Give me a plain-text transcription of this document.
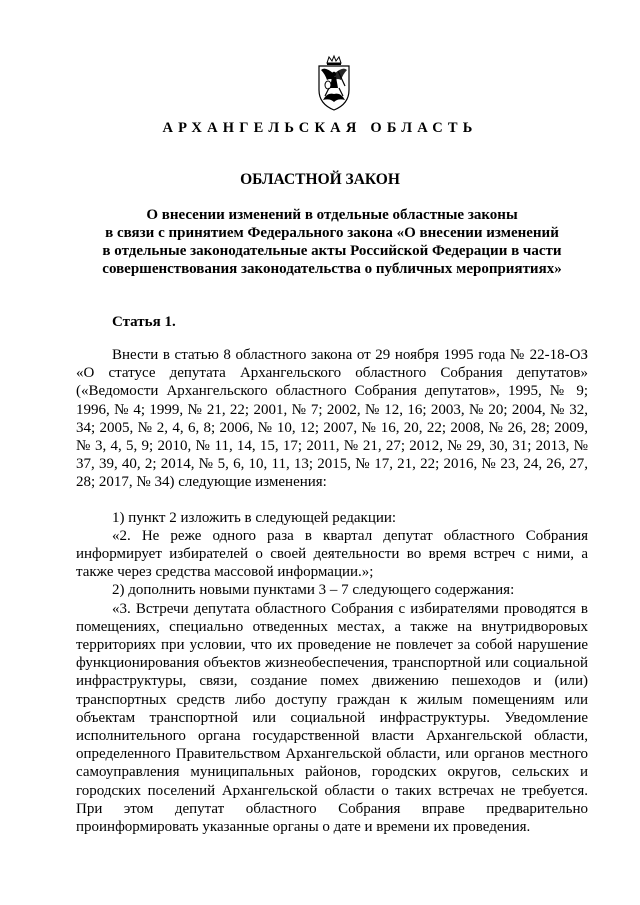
АРХАНГЕЛЬСКАЯ ОБЛАСТЬ
ОБЛАСТНОЙ ЗАКОН
О внесении изменений в отдельные областные законы
в связи с принятием Федерального закона «О внесении изменений
в отдельные законодательные акты Российской Федерации в части
совершенствования законодательства о публичных мероприятиях»
Статья 1.

Внести в статью 8 областного закона от 29 ноября 1995 года № 22-18-ОЗ «О статусе депутата Архангельского областного Собрания депутатов» («Ведомости Архангельского областного Собрания депутатов», 1995, № 9; 1996, № 4; 1999, № 21, 22; 2001, № 7; 2002, № 12, 16; 2003, № 20; 2004, № 32, 34; 2005, № 2, 4, 6, 8; 2006, № 10, 12; 2007, № 16, 20, 22; 2008, № 26, 28; 2009, № 3, 4, 5, 9; 2010, № 11, 14, 15, 17; 2011, № 21, 27; 2012, № 29, 30, 31; 2013, № 37, 39, 40, 2; 2014, № 5, 6, 10, 11, 13; 2015, № 17, 21, 22; 2016, № 23, 24, 26, 27, 28; 2017, № 34) следующие изменения:

1) пункт 2 изложить в следующей редакции:

«2. Не реже одного раза в квартал депутат областного Собрания информирует избирателей о своей деятельности во время встреч с ними, а также через средства массовой информации.»;

2) дополнить новыми пунктами 3 – 7 следующего содержания:

«3. Встречи депутата областного Собрания с избирателями проводятся в помещениях, специально отведенных местах, а также на внутридворовых территориях при условии, что их проведение не повлечет за собой нарушение функционирования объектов жизнеобеспечения, транспортной или социальной инфраструктуры, связи, создание помех движению пешеходов и (или) транспортных средств либо доступу граждан к жилым помещениям или объектам транспортной или социальной инфраструктуры. Уведомление исполнительного органа государственной власти Архангельской области, определенного Правительством Архангельской области, или органов местного самоуправления муниципальных районов, городских округов, сельских и городских поселений Архангельской области о таких встречах не требуется. При этом депутат областного Собрания вправе предварительно проинформировать указанные органы о дате и времени их проведения.
